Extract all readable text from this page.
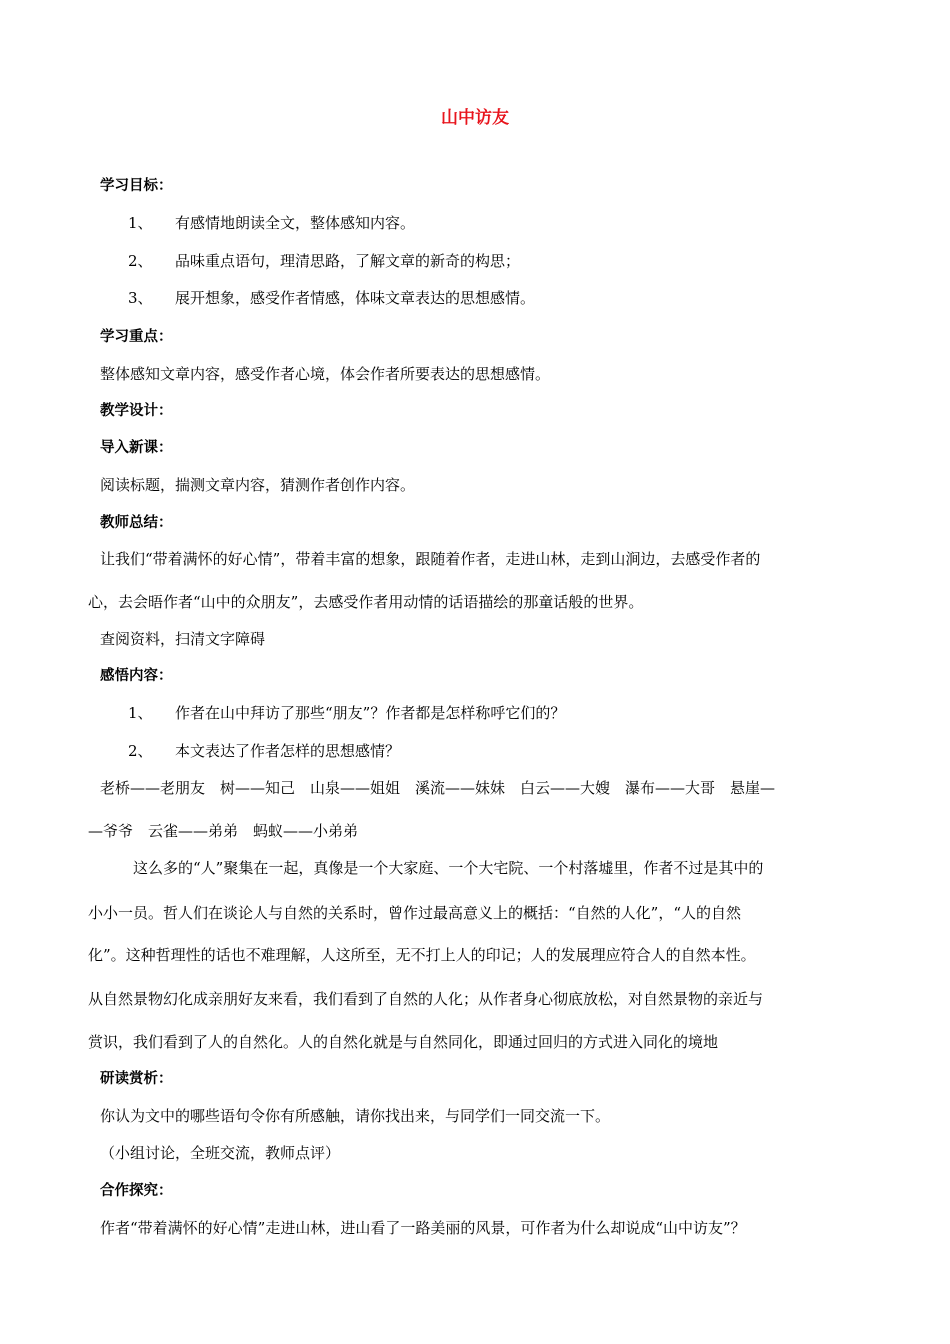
山中访友
学习目标：
1、 有感情地朗读全文，整体感知内容。
2、 品味重点语句，理清思路，了解文章的新奇的构思；
3、 展开想象，感受作者情感，体味文章表达的思想感情。
学习重点：
整体感知文章内容，感受作者心境，体会作者所要表达的思想感情。
教学设计：
导入新课：
阅读标题，揣测文章内容，猜测作者创作内容。
教师总结：
让我们“带着满怀的好心情”，带着丰富的想象，跟随着作者，走进山林，走到山涧边，去感受作者的
心，去会晤作者“山中的众朋友”，去感受作者用动情的话语描绘的那童话般的世界。
查阅资料，扫清文字障碍
感悟内容：
1、 作者在山中拜访了那些“朋友”？作者都是怎样称呼它们的？
2、 本文表达了作者怎样的思想感情？
老桥——老朋友　树——知己　山泉——姐姐　溪流——妹妹　白云——大嫂　瀑布——大哥　悬崖—
—爷爷　云雀——弟弟　蚂蚁——小弟弟
这么多的“人”聚集在一起，真像是一个大家庭、一个大宅院、一个村落墟里，作者不过是其中的
小小一员。哲人们在谈论人与自然的关系时，曾作过最高意义上的概括：“自然的人化”，“人的自然
化”。这种哲理性的话也不难理解，人这所至，无不打上人的印记；人的发展理应符合人的自然本性。
从自然景物幻化成亲朋好友来看，我们看到了自然的人化；从作者身心彻底放松，对自然景物的亲近与
赏识，我们看到了人的自然化。人的自然化就是与自然同化，即通过回归的方式进入同化的境地
研读赏析：
你认为文中的哪些语句令你有所感触，请你找出来，与同学们一同交流一下。
（小组讨论，全班交流，教师点评）
合作探究：
作者“带着满怀的好心情”走进山林，进山看了一路美丽的风景，可作者为什么却说成“山中访友”？
